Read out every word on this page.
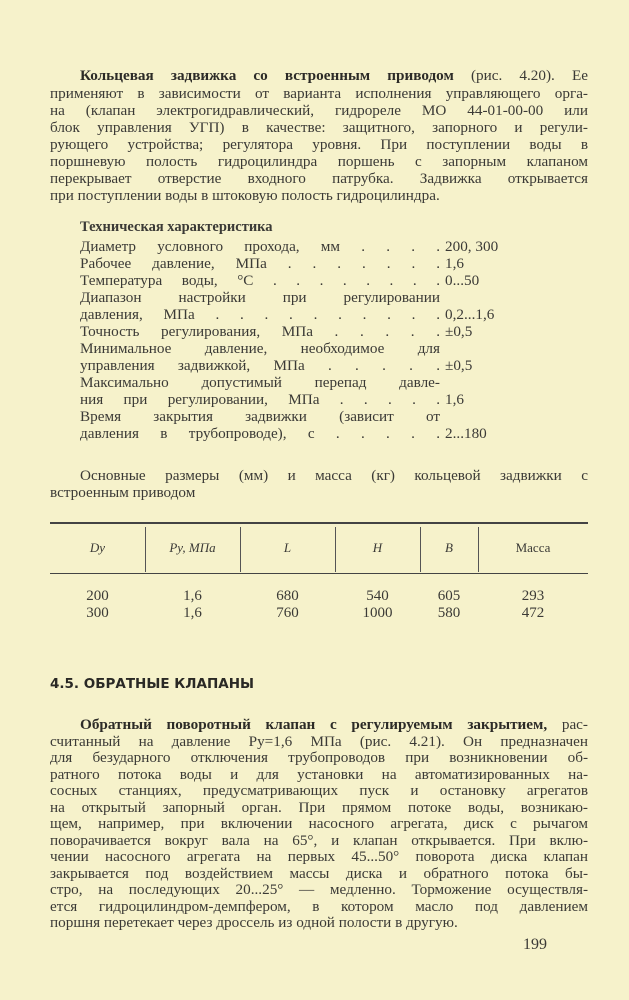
Кольцевая задвижка со встроенным приводом (рис. 4.20). Ее
применяют в зависимости от варианта исполнения управляющего орга-
на (клапан электрогидравлический, гидрореле МО 44-01-00-00 или
блок управления УГП) в качестве: защитного, запорного и регули-
рующего устройства; регулятора уровня. При поступлении воды в
поршневую полость гидроцилиндра поршень с запорным клапаном
перекрывает отверстие входного патрубка. Задвижка открывается
при поступлении воды в штоковую полость гидроцилиндра.
Техническая характеристика
Диаметр условного прохода, мм . . . . 200, 300
Рабочее давление, МПа . . . . . . . 1,6
Температура воды, °С . . . . . . . . 0...50
Диапазон настройки при регулировании
давления, МПа . . . . . . . . . . 0,2...1,6
Точность регулирования, МПа . . . . . ±0,5
Минимальное давление, необходимое для
управления задвижкой, МПа . . . . . ±0,5
Максимально допустимый перепад давле-
ния при регулировании, МПа . . . . . 1,6
Время закрытия задвижки (зависит от
давления в трубопроводе), с . . . . . 2...180
Основные размеры (мм) и масса (кг) кольцевой задвижки с
встроенным приводом
Dу	Pу, МПа	L	H	B	Масса
200	1,6	680	540	605	293
300	1,6	760	1000	580	472
4.5. ОБРАТНЫЕ КЛАПАНЫ
Обратный поворотный клапан с регулируемым закрытием, рас-
считанный на давление Pу=1,6 МПа (рис. 4.21). Он предназначен
для безударного отключения трубопроводов при возникновении об-
ратного потока воды и для установки на автоматизированных на-
сосных станциях, предусматривающих пуск и остановку агрегатов
на открытый запорный орган. При прямом потоке воды, возникаю-
щем, например, при включении насосного агрегата, диск с рычагом
поворачивается вокруг вала на 65°, и клапан открывается. При вклю-
чении насосного агрегата на первых 45...50° поворота диска клапан
закрывается под воздействием массы диска и обратного потока бы-
стро, на последующих 20...25° — медленно. Торможение осуществля-
ется гидроцилиндром-демпфером, в котором масло под давлением
поршня перетекает через дроссель из одной полости в другую.
199
